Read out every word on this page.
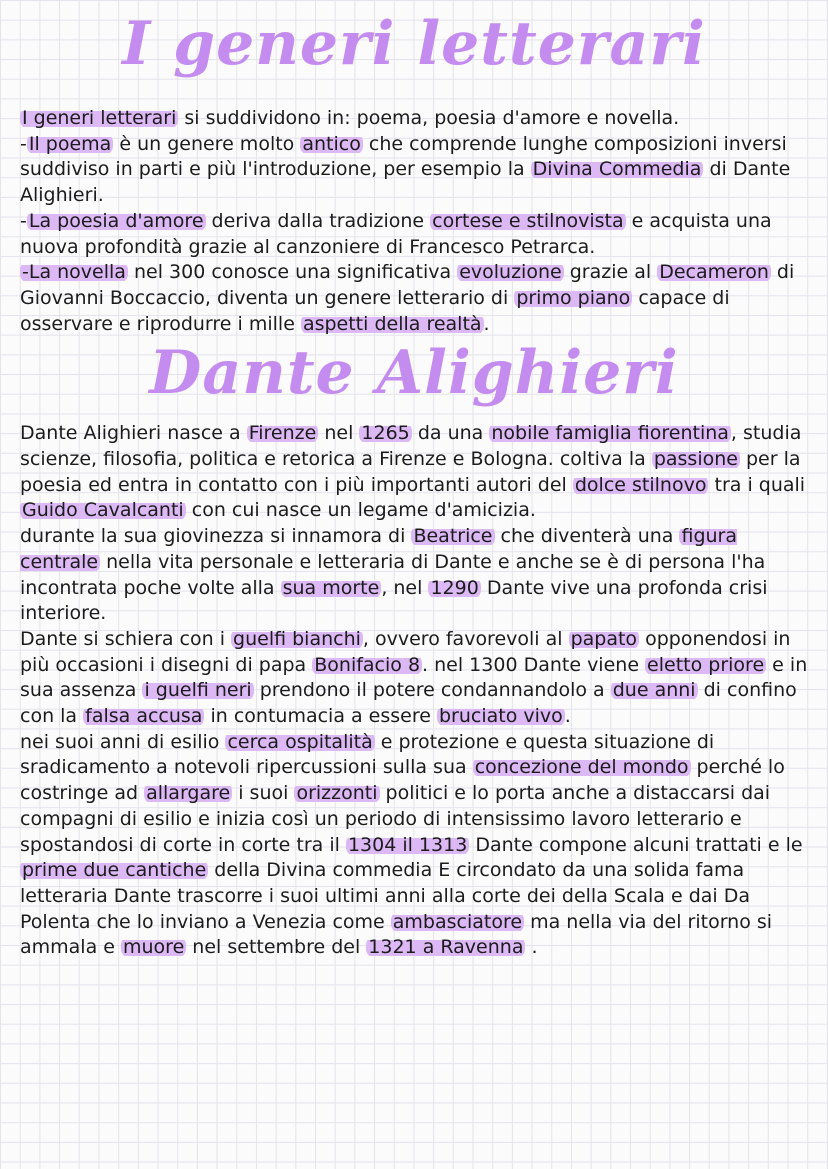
I generi letterari

I generi letterari si suddividono in: poema, poesia d'amore e novella.

- Il poema è un genere molto antico che comprende lunghe composizioni inversi suddiviso in parti e più l'introduzione, per esempio la Divina Commedia di Dante Alighieri.

- La poesia d'amore deriva dalla tradizione cortese e stilnovista e acquista una nuova profondità grazie al canzoniere di Francesco Petrarca.

-La novella nel 300 conosce una significativa evoluzione grazie al Decameron di Giovanni Boccaccio, diventa un genere letterario di primo piano capace di osservare e riprodurre i mille aspetti della realtà .

Dante Alighieri

Dante Alighieri nasce a Firenze nel 1265 da una nobile famiglia fiorentina , studia scienze, filosofia, politica e retorica a Firenze e Bologna. coltiva la passione per la poesia ed entra in contatto con i più importanti autori del dolce stilnovo tra i quali Guido Cavalcanti con cui nasce un legame d'amicizia.

durante la sua giovinezza si innamora di Beatrice che diventerà una figura centrale nella vita personale e letteraria di Dante e anche se è di persona l'ha incontrata poche volte alla sua morte , nel 1290 Dante vive una profonda crisi interiore.

Dante si schiera con i guelfi bianchi , ovvero favorevoli al papato opponendosi in più occasioni i disegni di papa Bonifacio 8 . nel 1300 Dante viene eletto priore e in sua assenza i guelfi neri prendono il potere condannandolo a due anni di confino con la falsa accusa in contumacia a essere bruciato vivo .

nei suoi anni di esilio cerca ospitalità e protezione e questa situazione di sradicamento a notevoli ripercussioni sulla sua concezione del mondo perché lo costringe ad allargare i suoi orizzonti politici e lo porta anche a distaccarsi dai compagni di esilio e inizia così un periodo di intensissimo lavoro letterario e spostandosi di corte in corte tra il 1304 il 1313 Dante compone alcuni trattati e le prime due cantiche della Divina commedia E circondato da una solida fama letteraria Dante trascorre i suoi ultimi anni alla corte dei della Scala e dai Da Polenta che lo inviano a Venezia come ambasciatore ma nella via del ritorno si ammala e muore nel settembre del 1321 a Ravenna .
